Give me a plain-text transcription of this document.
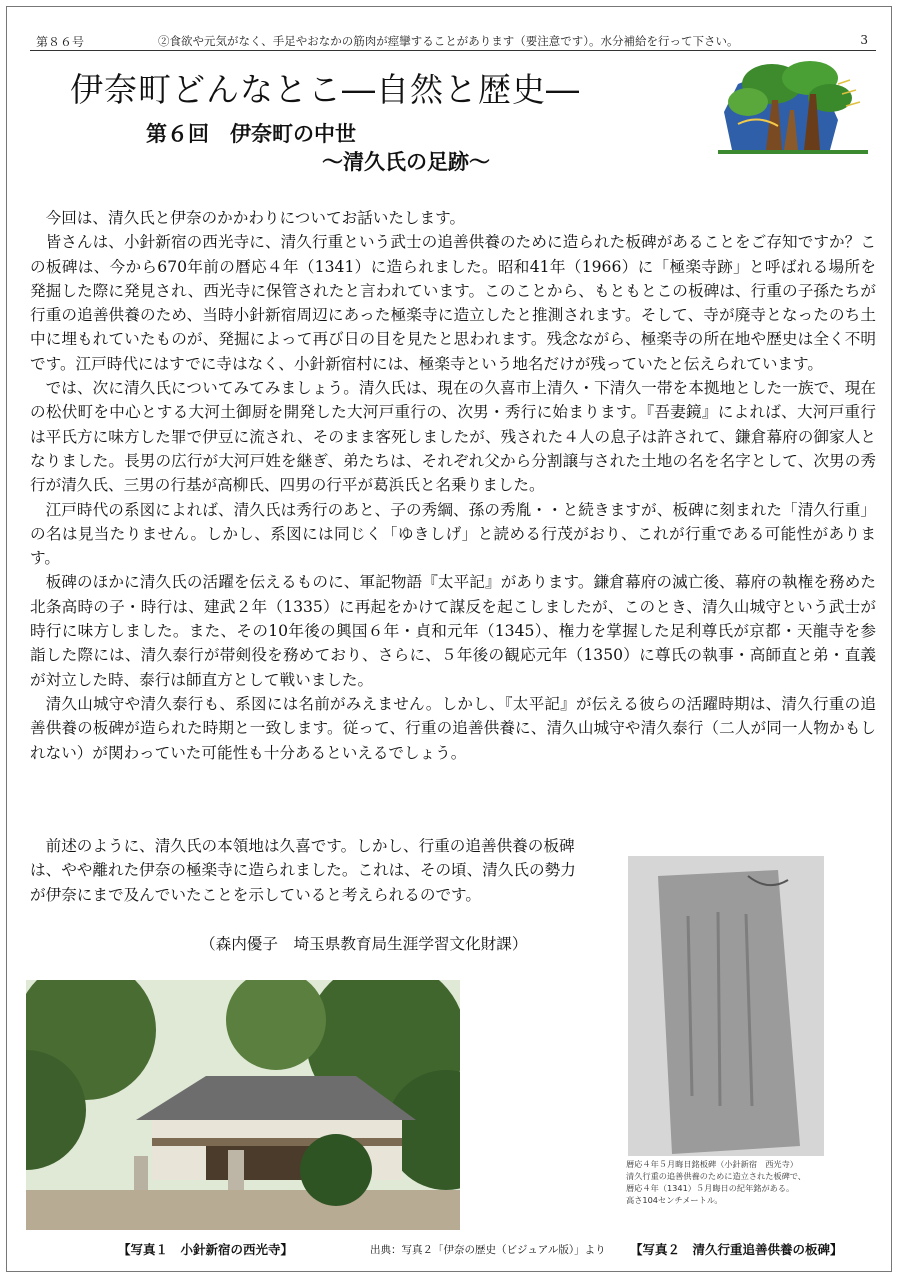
第８６号	②食欲や元気がなく、手足やおなかの筋肉が痙攣することがあります（要注意です）。水分補給を行って下さい。	3
伊奈町どんなとこ―自然と歴史―
第６回　伊奈町の中世
～清久氏の足跡～

今回は、清久氏と伊奈のかかわりについてお話いたします。

皆さんは、小針新宿の西光寺に、清久行重という武士の追善供養のために造られた板碑があることをご存知ですか？この板碑は、今から670年前の暦応４年（1341）に造られました。昭和41年（1966）に「極楽寺跡」と呼ばれる場所を発掘した際に発見され、西光寺に保管されたと言われています。このことから、もともとこの板碑は、行重の子孫たちが行重の追善供養のため、当時小針新宿周辺にあった極楽寺に造立したと推測されます。そして、寺が廃寺となったのち土中に埋もれていたものが、発掘によって再び日の目を見たと思われます。残念ながら、極楽寺の所在地や歴史は全く不明です。江戸時代にはすでに寺はなく、小針新宿村には、極楽寺という地名だけが残っていたと伝えられています。

では、次に清久氏についてみてみましょう。清久氏は、現在の久喜市上清久・下清久一帯を本拠地とした一族で、現在の松伏町を中心とする大河土御厨を開発した大河戸重行の、次男・秀行に始まります。『吾妻鏡』によれば、大河戸重行は平氏方に味方した罪で伊豆に流され、そのまま客死しましたが、残された４人の息子は許されて、鎌倉幕府の御家人となりました。長男の広行が大河戸姓を継ぎ、弟たちは、それぞれ父から分割譲与された土地の名を名字として、次男の秀行が清久氏、三男の行基が高柳氏、四男の行平が葛浜氏と名乗りました。

江戸時代の系図によれば、清久氏は秀行のあと、子の秀綱、孫の秀胤・・と続きますが、板碑に刻まれた「清久行重」の名は見当たりません。しかし、系図には同じく「ゆきしげ」と読める行茂がおり、これが行重である可能性があります。

板碑のほかに清久氏の活躍を伝えるものに、軍記物語『太平記』があります。鎌倉幕府の滅亡後、幕府の執権を務めた北条高時の子・時行は、建武２年（1335）に再起をかけて謀反を起こしましたが、このとき、清久山城守という武士が時行に味方しました。また、その10年後の興国６年・貞和元年（1345）、権力を掌握した足利尊氏が京都・天龍寺を参詣した際には、清久泰行が帯剣役を務めており、さらに、５年後の観応元年（1350）に尊氏の執事・高師直と弟・直義が対立した時、泰行は師直方として戦いました。

清久山城守や清久泰行も、系図には名前がみえません。しかし、『太平記』が伝える彼らの活躍時期は、清久行重の追善供養の板碑が造られた時期と一致します。従って、行重の追善供養に、清久山城守や清久泰行（二人が同一人物かもしれない）が関わっていた可能性も十分あるといえるでしょう。

前述のように、清久氏の本領地は久喜です。しかし、行重の追善供養の板碑は、やや離れた伊奈の極楽寺に造られました。これは、その頃、清久氏の勢力が伊奈にまで及んでいたことを示していると考えられるのです。

（森内優子　埼玉県教育局生涯学習文化財課）
暦応４年５月晦日銘板碑（小針新宿　西光寺）
清久行重の追善供養のために造立された板碑で、
暦応４年（1341）５月晦日の紀年銘がある。
高さ104センチメートル。
【写真１　小針新宿の西光寺】	出典：写真２「伊奈の歴史（ビジュアル版）」より 【写真２　清久行重追善供養の板碑】
